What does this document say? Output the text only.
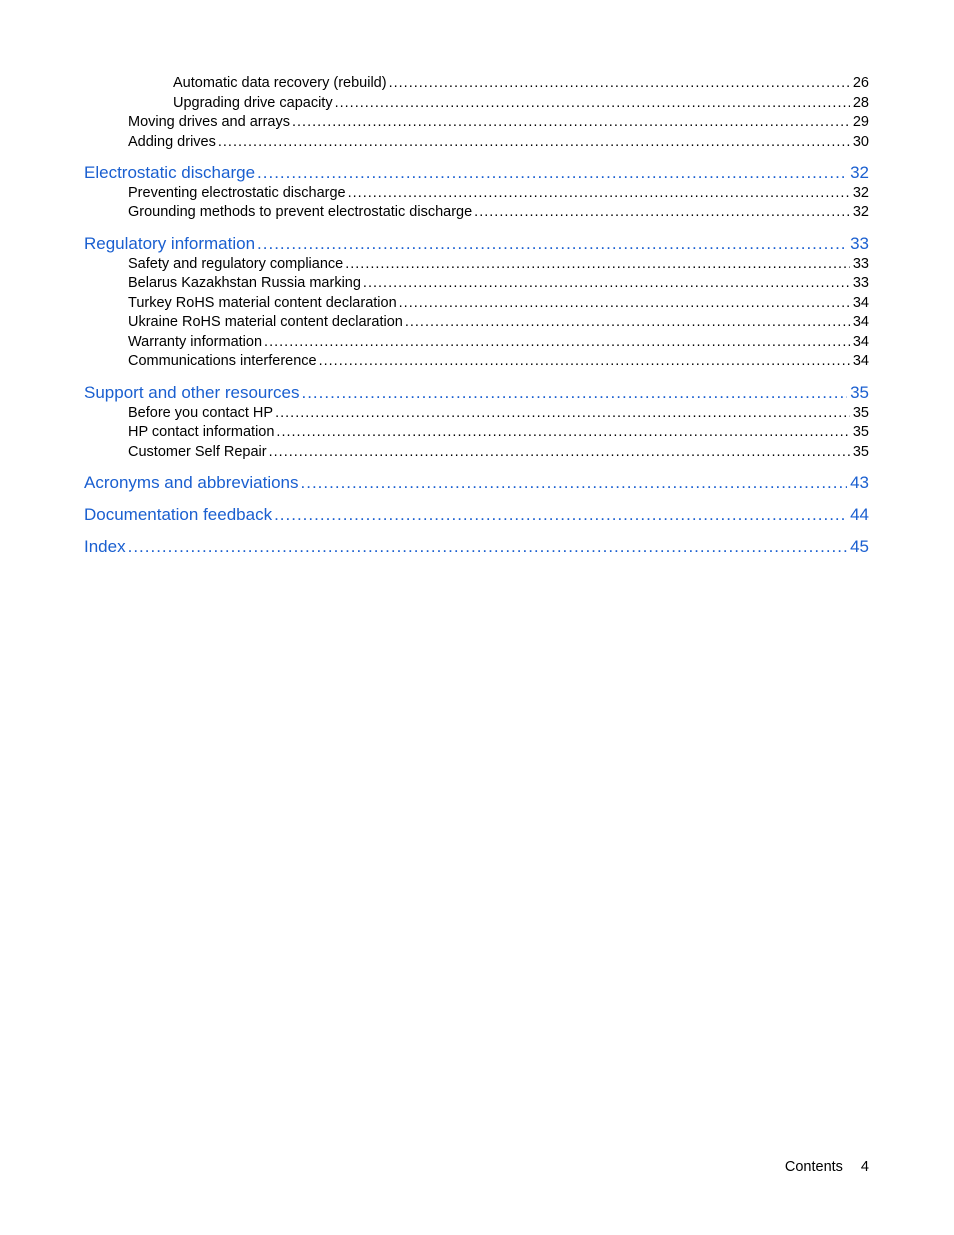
Automatic data recovery (rebuild) .....	26
Upgrading drive capacity .....	28
Moving drives and arrays .....	29
Adding drives .....	30
Electrostatic discharge .....	32
Preventing electrostatic discharge .....	32
Grounding methods to prevent electrostatic discharge .....	32
Regulatory information .....	33
Safety and regulatory compliance .....	33
Belarus Kazakhstan Russia marking .....	33
Turkey RoHS material content declaration .....	34
Ukraine RoHS material content declaration .....	34
Warranty information .....	34
Communications interference .....	34
Support and other resources .....	35
Before you contact HP .....	35
HP contact information .....	35
Customer Self Repair .....	35
Acronyms and abbreviations .....	43
Documentation feedback .....	44
Index .....	45
Contents 4
